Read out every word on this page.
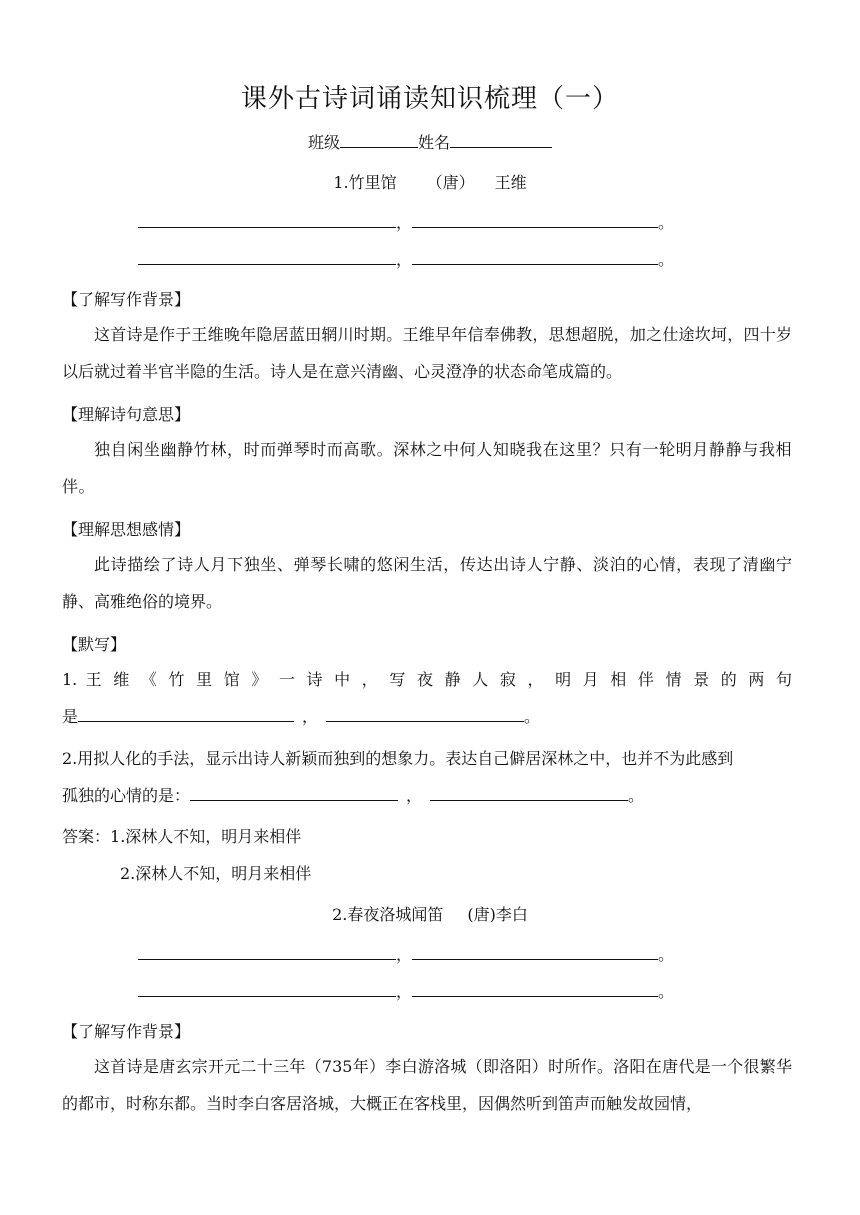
课外古诗词诵读知识梳理（一）
班级	姓名
1.竹里馆 （唐） 王维
，	。
，	。
【了解写作背景】
这首诗是作于王维晚年隐居蓝田辋川时期。王维早年信奉佛教，思想超脱，加之仕途坎坷，四十岁以后就过着半官半隐的生活。诗人是在意兴清幽、心灵澄净的状态命笔成篇的。
【理解诗句意思】
独自闲坐幽静竹林，时而弹琴时而高歌。深林之中何人知晓我在这里？只有一轮明月静静与我相伴。
【理解思想感情】
此诗描绘了诗人月下独坐、弹琴长啸的悠闲生活，传达出诗人宁静、淡泊的心情，表现了清幽宁静、高雅绝俗的境界。
【默写】
1. 王 维 《 竹 里 馆 》 一 诗 中 ， 写 夜 静 人 寂 ， 明 月 相 伴 情 景 的 两 句
是	，	。
2.用拟人化的手法，显示出诗人新颖而独到的想象力。表达自己僻居深林之中，也并不为此感到
孤独的心情的是：	，	。
答案：1.深林人不知，明月来相伴
2.深林人不知，明月来相伴
2.春夜洛城闻笛 (唐)李白
，	。
，	。
【了解写作背景】
这首诗是唐玄宗开元二十三年（735年）李白游洛城（即洛阳）时所作。洛阳在唐代是一个很繁华的都市，时称东都。当时李白客居洛城，大概正在客栈里，因偶然听到笛声而触发故园情，
